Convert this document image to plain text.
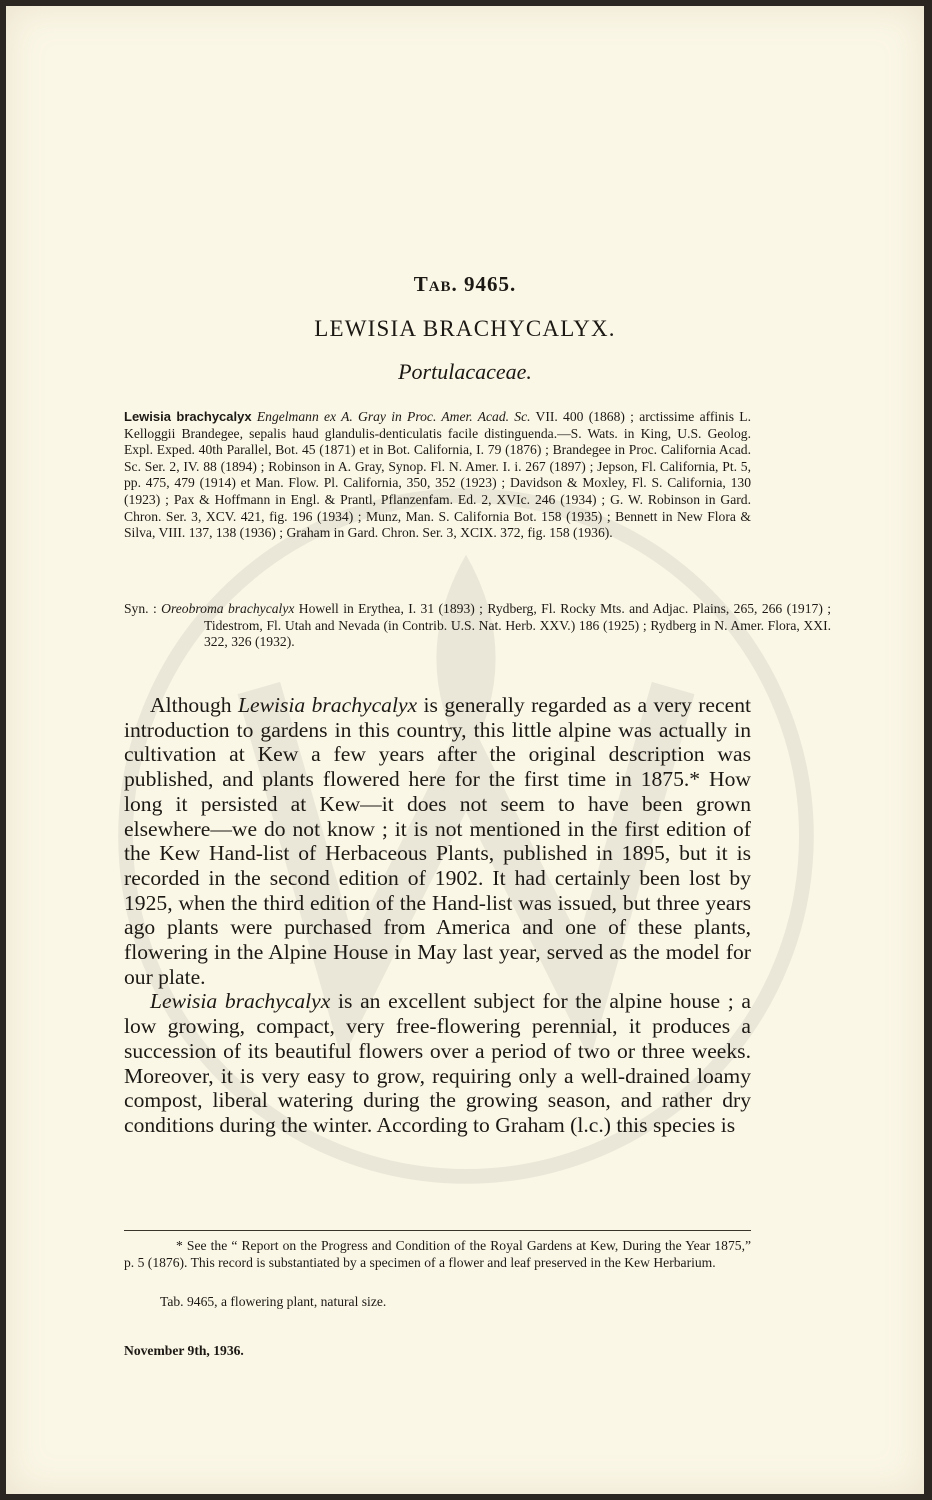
Tab. 9465.
LEWISIA BRACHYCALYX.
Portulacaceae.
Lewisia brachycalyx Engelmann ex A. Gray in Proc. Amer. Acad. Sc. VII. 400 (1868) ; arctissime affinis L. Kelloggii Brandegee, sepalis haud glandulis-denticulatis facile distinguenda.—S. Wats. in King, U.S. Geolog. Expl. Exped. 40th Parallel, Bot. 45 (1871) et in Bot. California, I. 79 (1876) ; Brandegee in Proc. California Acad. Sc. Ser. 2, IV. 88 (1894) ; Robinson in A. Gray, Synop. Fl. N. Amer. I. i. 267 (1897) ; Jepson, Fl. California, Pt. 5, pp. 475, 479 (1914) et Man. Flow. Pl. California, 350, 352 (1923) ; Davidson & Moxley, Fl. S. California, 130 (1923) ; Pax & Hoffmann in Engl. & Prantl, Pflanzenfam. Ed. 2, XVIc. 246 (1934) ; G. W. Robinson in Gard. Chron. Ser. 3, XCV. 421, fig. 196 (1934) ; Munz, Man. S. California Bot. 158 (1935) ; Bennett in New Flora & Silva, VIII. 137, 138 (1936) ; Graham in Gard. Chron. Ser. 3, XCIX. 372, fig. 158 (1936).
Syn. : Oreobroma brachycalyx Howell in Erythea, I. 31 (1893) ; Rydberg, Fl. Rocky Mts. and Adjac. Plains, 265, 266 (1917) ; Tidestrom, Fl. Utah and Nevada (in Contrib. U.S. Nat. Herb. XXV.) 186 (1925) ; Rydberg in N. Amer. Flora, XXI. 322, 326 (1932).

Although Lewisia brachycalyx is generally regarded as a very recent introduction to gardens in this country, this little alpine was actually in cultivation at Kew a few years after the original description was published, and plants flowered here for the first time in 1875.* How long it persisted at Kew—it does not seem to have been grown elsewhere—we do not know ; it is not mentioned in the first edition of the Kew Hand-list of Herbaceous Plants, published in 1895, but it is recorded in the second edition of 1902. It had certainly been lost by 1925, when the third edition of the Hand-list was issued, but three years ago plants were purchased from America and one of these plants, flowering in the Alpine House in May last year, served as the model for our plate.

Lewisia brachycalyx is an excellent subject for the alpine house ; a low growing, compact, very free-flowering perennial, it produces a succession of its beautiful flowers over a period of two or three weeks. Moreover, it is very easy to grow, requiring only a well-drained loamy compost, liberal watering during the growing season, and rather dry conditions during the winter. According to Graham (l.c.) this species is

* See the “ Report on the Progress and Condition of the Royal Gardens at Kew, During the Year 1875,” p. 5 (1876). This record is substantiated by a specimen of a flower and leaf preserved in the Kew Herbarium.
Tab. 9465, a flowering plant, natural size.
November 9th, 1936.
